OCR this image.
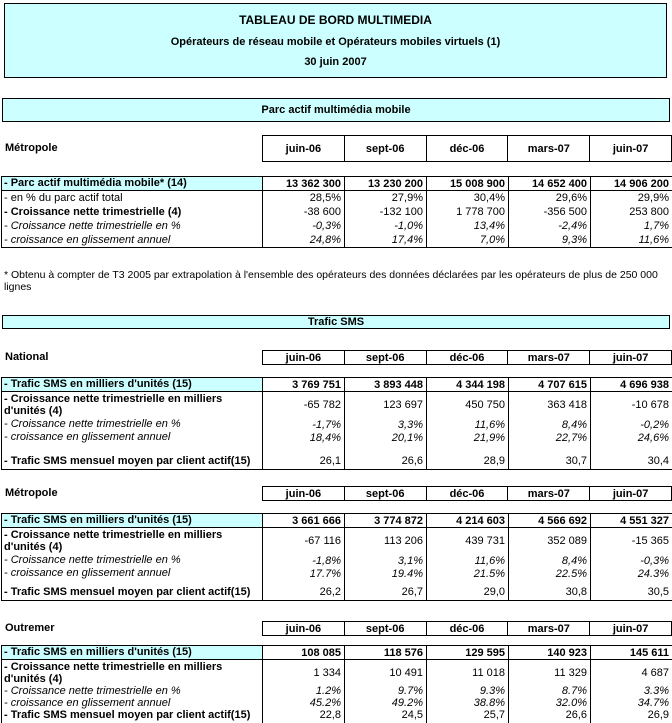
TABLEAU DE BORD MULTIMEDIA
Opérateurs de réseau mobile et Opérateurs mobiles virtuels (1)
30 juin 2007
Parc actif multimédia mobile
* Obtenu à compter de T3 2005 par extrapolation à l'ensemble des opérateurs des données déclarées par les opérateurs de plus de 250 000 lignes
Trafic SMS
Métropole	juin-06	sept-06	déc-06	mars-07	juin-07
- Parc actif multimédia mobile* (14)	13 362 300	13 230 200	15 008 900	14 652 400	14 906 200
- en % du parc actif total	28,5%	27,9%	30,4%	29,6%	29,9%
- Croissance nette trimestrielle (4)	-38 600	-132 100	1 778 700	-356 500	253 800
- Croissance nette trimestrielle en %	-0,3%	-1,0%	13,4%	-2,4%	1,7%
- croissance en glissement annuel	24,8%	17,4%	7,0%	9,3%	11,6%
National	juin-06	sept-06	déc-06	mars-07	juin-07
- Trafic SMS en milliers d'unités (15)	3 769 751	3 893 448	4 344 198	4 707 615	4 696 938
- Croissance nette trimestrielle en milliers d'unités (4)
-65 782	123 697	450 750	363 418	-10 678
- Croissance nette trimestrielle en %	-1,7%	3,3%	11,6%	8,4%	-0,2%
- croissance en glissement annuel	18,4%	20,1%	21,9%	22,7%	24,6%
- Trafic SMS mensuel moyen par client actif(15)	26,1	26,6	28,9	30,7	30,4
Métropole	juin-06	sept-06	déc-06	mars-07	juin-07
- Trafic SMS en milliers d'unités (15)	3 661 666	3 774 872	4 214 603	4 566 692	4 551 327
- Croissance nette trimestrielle en milliers d'unités (4)
-67 116	113 206	439 731	352 089	-15 365
- Croissance nette trimestrielle en %	-1,8%	3,1%	11,6%	8,4%	-0,3%
- croissance en glissement annuel	17.7%	19.4%	21.5%	22.5%	24.3%
- Trafic SMS mensuel moyen par client actif(15)	26,2	26,7	29,0	30,8	30,5
Outremer	juin-06	sept-06	déc-06	mars-07	juin-07
- Trafic SMS en milliers d'unités (15)	108 085	118 576	129 595	140 923	145 611
- Croissance nette trimestrielle en milliers d'unités (4)
1 334	10 491	11 018	11 329	4 687
- Croissance nette trimestrielle en %	1.2%	9.7%	9.3%	8.7%	3.3%
- croissance en glissement annuel	45.2%	49.2%	38.8%	32.0%	34.7%
- Trafic SMS mensuel moyen par client actif(15)	22,8	24,5	25,7	26,6	26,9
